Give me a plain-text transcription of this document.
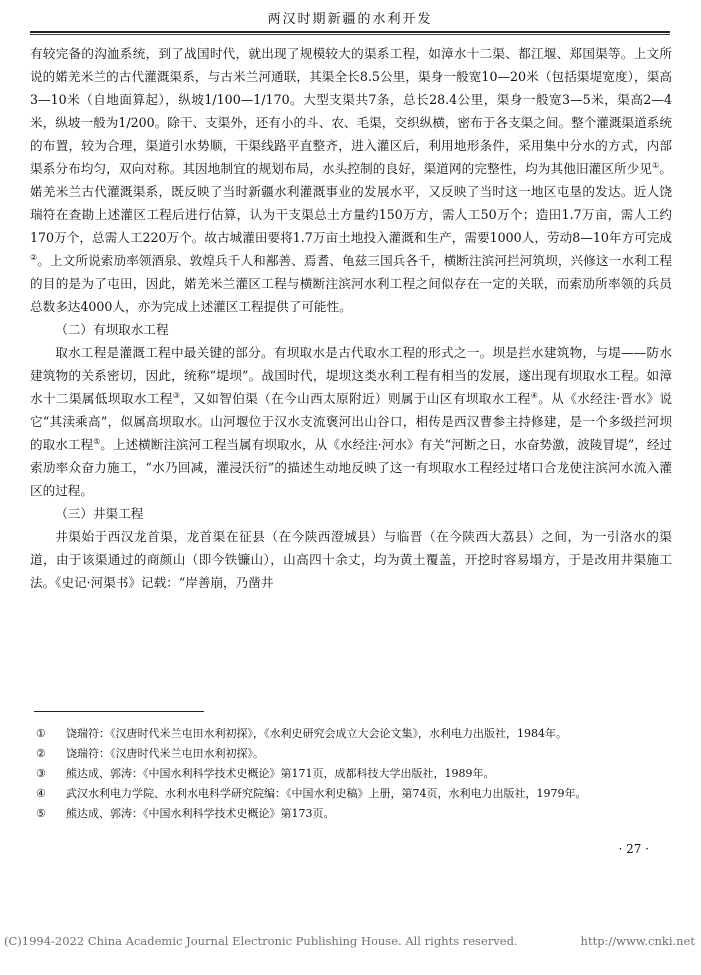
两汉时期新疆的水利开发

有较完备的沟洫系统，到了战国时代，就出现了规模较大的渠系工程，如漳水十二渠、都江堰、郑国渠等。上文所说的婼羌米兰的古代灌溉渠系，与古米兰河通联，其渠全长8.5公里，渠身一般宽10—20米（包括渠堤宽度），渠高3—10米（自地面算起），纵坡1/100—1/170。大型支渠共7条，总长28.4公里，渠身一般宽3—5米，渠高2—4米，纵坡一般为1/200。除干、支渠外，还有小的斗、农、毛渠，交织纵横，密布于各支渠之间。整个灌溉渠道系统的布置，较为合理，渠道引水势顺，干渠线路平直整齐，进入灌区后，利用地形条件，采用集中分水的方式，内部渠系分布均匀，双向对称。其因地制宜的规划布局，水头控制的良好，渠道网的完整性，均为其他旧灌区所少见①。婼羌米兰古代灌溉渠系，既反映了当时新疆水利灌溉事业的发展水平，又反映了当时这一地区屯垦的发达。近人饶瑞符在查勘上述灌区工程后进行估算，认为干支渠总土方量约150万方，需人工50万个；造田1.7万亩，需人工约170万个，总需人工220万个。故古城灌田要将1.7万亩土地投入灌溉和生产，需要1000人，劳动8—10年方可完成②。上文所说索劢率领酒泉、敦煌兵千人和鄯善、焉耆、龟兹三国兵各千，横断注滨河拦河筑坝，兴修这一水利工程的目的是为了屯田，因此，婼羌米兰灌区工程与横断注滨河水利工程之间似存在一定的关联，而索劢所率领的兵员总数多达4000人，亦为完成上述灌区工程提供了可能性。

（二）有坝取水工程

取水工程是灌溉工程中最关键的部分。有坝取水是古代取水工程的形式之一。坝是拦水建筑物，与堤——防水建筑物的关系密切，因此，统称“堤坝”。战国时代，堤坝这类水利工程有相当的发展，遂出现有坝取水工程。如漳水十二渠属低坝取水工程③，又如智伯渠（在今山西太原附近）则属于山区有坝取水工程④。从《水经注·晋水》说它“其渎乘高”，似属高坝取水。山河堰位于汉水支流褒河出山谷口，相传是西汉曹参主持修建，是一个多级拦河坝的取水工程⑤。上述横断注滨河工程当属有坝取水，从《水经注·河水》有关“河断之日，水奋势激，波陵冒堤”，经过索劢率众奋力施工，“水乃回减，灌浸沃衍”的描述生动地反映了这一有坝取水工程经过堵口合龙使注滨河水流入灌区的过程。

（三）井渠工程

井渠始于西汉龙首渠，龙首渠在征县（在今陕西澄城县）与临晋（在今陕西大荔县）之间，为一引洛水的渠道，由于该渠通过的商颜山（即今铁镰山），山高四十余丈，均为黄土覆盖，开挖时容易塌方，于是改用井渠施工法。《史记·河渠书》记载：“岸善崩，乃凿井

①	饶瑞符：《汉唐时代米兰屯田水利初探》，《水利史研究会成立大会论文集》，水利电力出版社，1984年。
②	饶瑞符：《汉唐时代米兰屯田水利初探》。
③	熊达成、郭涛：《中国水利科学技术史概论》第171页，成都科技大学出版社，1989年。
④	武汉水利电力学院、水利水电科学研究院编：《中国水利史稿》上册，第74页，水利电力出版社，1979年。
⑤	熊达成、郭涛：《中国水利科学技术史概论》第173页。
· 27 ·
(C)1994-2022 China Academic Journal Electronic Publishing House. All rights reserved.	http://www.cnki.net
